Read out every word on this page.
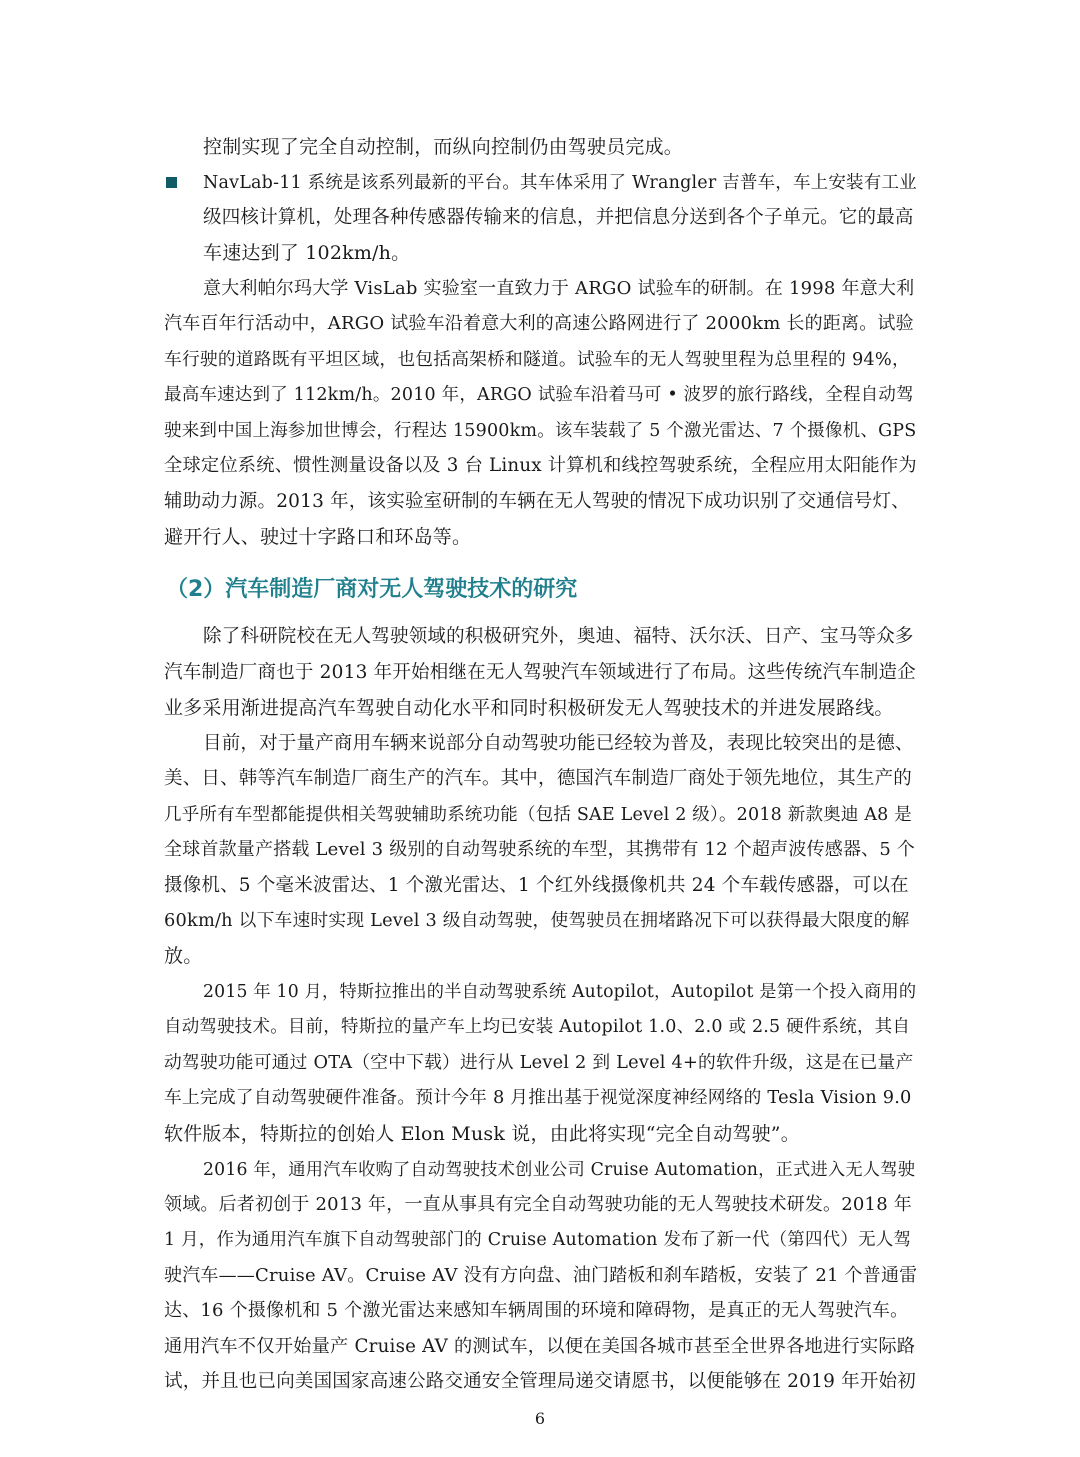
控制实现了完全自动控制，而纵向控制仍由驾驶员完成。
NavLab-11 系统是该系列最新的平台。其车体采用了 Wrangler 吉普车，车上安装有工业
级四核计算机，处理各种传感器传输来的信息，并把信息分送到各个子单元。它的最高
车速达到了 102km/h。
意大利帕尔玛大学 VisLab 实验室一直致力于 ARGO 试验车的研制。在 1998 年意大利
汽车百年行活动中，ARGO 试验车沿着意大利的高速公路网进行了 2000km 长的距离。试验
车行驶的道路既有平坦区域，也包括高架桥和隧道。试验车的无人驾驶里程为总里程的 94%，
最高车速达到了 112km/h。2010 年，ARGO 试验车沿着马可 • 波罗的旅行路线，全程自动驾
驶来到中国上海参加世博会，行程达 15900km。该车装载了 5 个激光雷达、7 个摄像机、GPS
全球定位系统、惯性测量设备以及 3 台 Linux 计算机和线控驾驶系统，全程应用太阳能作为
辅助动力源。2013 年，该实验室研制的车辆在无人驾驶的情况下成功识别了交通信号灯、
避开行人、驶过十字路口和环岛等。
（2）汽车制造厂商对无人驾驶技术的研究
除了科研院校在无人驾驶领域的积极研究外，奥迪、福特、沃尔沃、日产、宝马等众多
汽车制造厂商也于 2013 年开始相继在无人驾驶汽车领域进行了布局。这些传统汽车制造企
业多采用渐进提高汽车驾驶自动化水平和同时积极研发无人驾驶技术的并进发展路线。
目前，对于量产商用车辆来说部分自动驾驶功能已经较为普及，表现比较突出的是德、
美、日、韩等汽车制造厂商生产的汽车。其中，德国汽车制造厂商处于领先地位，其生产的
几乎所有车型都能提供相关驾驶辅助系统功能（包括 SAE Level 2 级）。2018 新款奥迪 A8 是
全球首款量产搭载 Level 3 级别的自动驾驶系统的车型，其携带有 12 个超声波传感器、5 个
摄像机、5 个毫米波雷达、1 个激光雷达、1 个红外线摄像机共 24 个车载传感器，可以在
60km/h 以下车速时实现 Level 3 级自动驾驶，使驾驶员在拥堵路况下可以获得最大限度的解
放。
2015 年 10 月，特斯拉推出的半自动驾驶系统 Autopilot，Autopilot 是第一个投入商用的
自动驾驶技术。目前，特斯拉的量产车上均已安装 Autopilot 1.0、2.0 或 2.5 硬件系统，其自
动驾驶功能可通过 OTA（空中下载）进行从 Level 2 到 Level 4+的软件升级，这是在已量产
车上完成了自动驾驶硬件准备。预计今年 8 月推出基于视觉深度神经网络的 Tesla Vision 9.0
软件版本，特斯拉的创始人 Elon Musk 说，由此将实现“完全自动驾驶”。
2016 年，通用汽车收购了自动驾驶技术创业公司 Cruise Automation，正式进入无人驾驶
领域。后者初创于 2013 年，一直从事具有完全自动驾驶功能的无人驾驶技术研发。2018 年
1 月，作为通用汽车旗下自动驾驶部门的 Cruise Automation 发布了新一代（第四代）无人驾
驶汽车——Cruise AV。Cruise AV 没有方向盘、油门踏板和刹车踏板，安装了 21 个普通雷
达、16 个摄像机和 5 个激光雷达来感知车辆周围的环境和障碍物，是真正的无人驾驶汽车。
通用汽车不仅开始量产 Cruise AV 的测试车，以便在美国各城市甚至全世界各地进行实际路
试，并且也已向美国国家高速公路交通安全管理局递交请愿书，以便能够在 2019 年开始初
6
